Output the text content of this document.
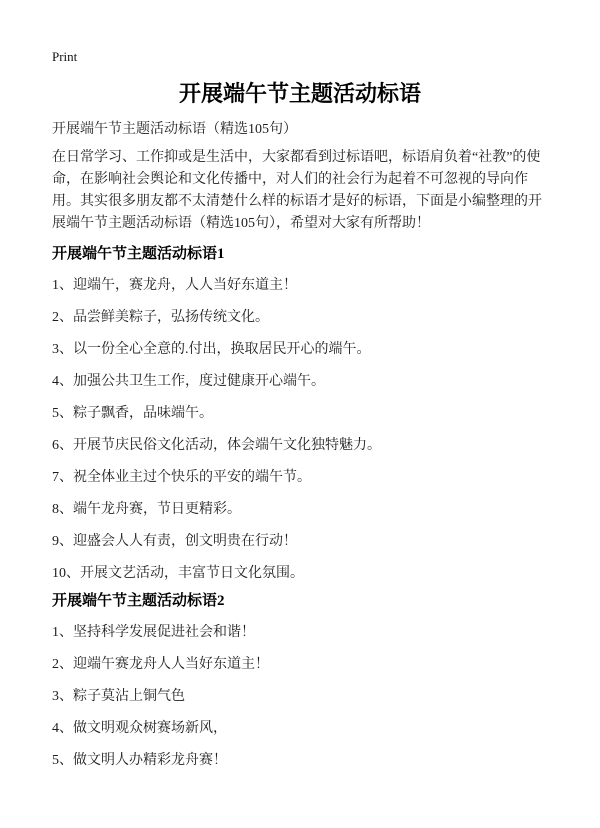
Print
开展端午节主题活动标语
开展端午节主题活动标语（精选105句）

在日常学习、工作抑或是生活中，大家都看到过标语吧，标语肩负着“社教”的使命，在影响社会舆论和文化传播中，对人们的社会行为起着不可忽视的导向作用。其实很多朋友都不太清楚什么样的标语才是好的标语，下面是小编整理的开展端午节主题活动标语（精选105句），希望对大家有所帮助！

开展端午节主题活动标语1

1、迎端午，赛龙舟，人人当好东道主！

2、品尝鲜美粽子，弘扬传统文化。

3、以一份全心全意的.付出，换取居民开心的端午。

4、加强公共卫生工作，度过健康开心端午。

5、粽子飘香，品味端午。

6、开展节庆民俗文化活动，体会端午文化独特魅力。

7、祝全体业主过个快乐的平安的端午节。

8、端午龙舟赛，节日更精彩。

9、迎盛会人人有责，创文明贵在行动！

10、开展文艺活动，丰富节日文化氛围。

开展端午节主题活动标语2

1、坚持科学发展促进社会和谐！

2、迎端午赛龙舟人人当好东道主！

3、粽子莫沾上铜气色

4、做文明观众树赛场新风，

5、做文明人办精彩龙舟赛！
